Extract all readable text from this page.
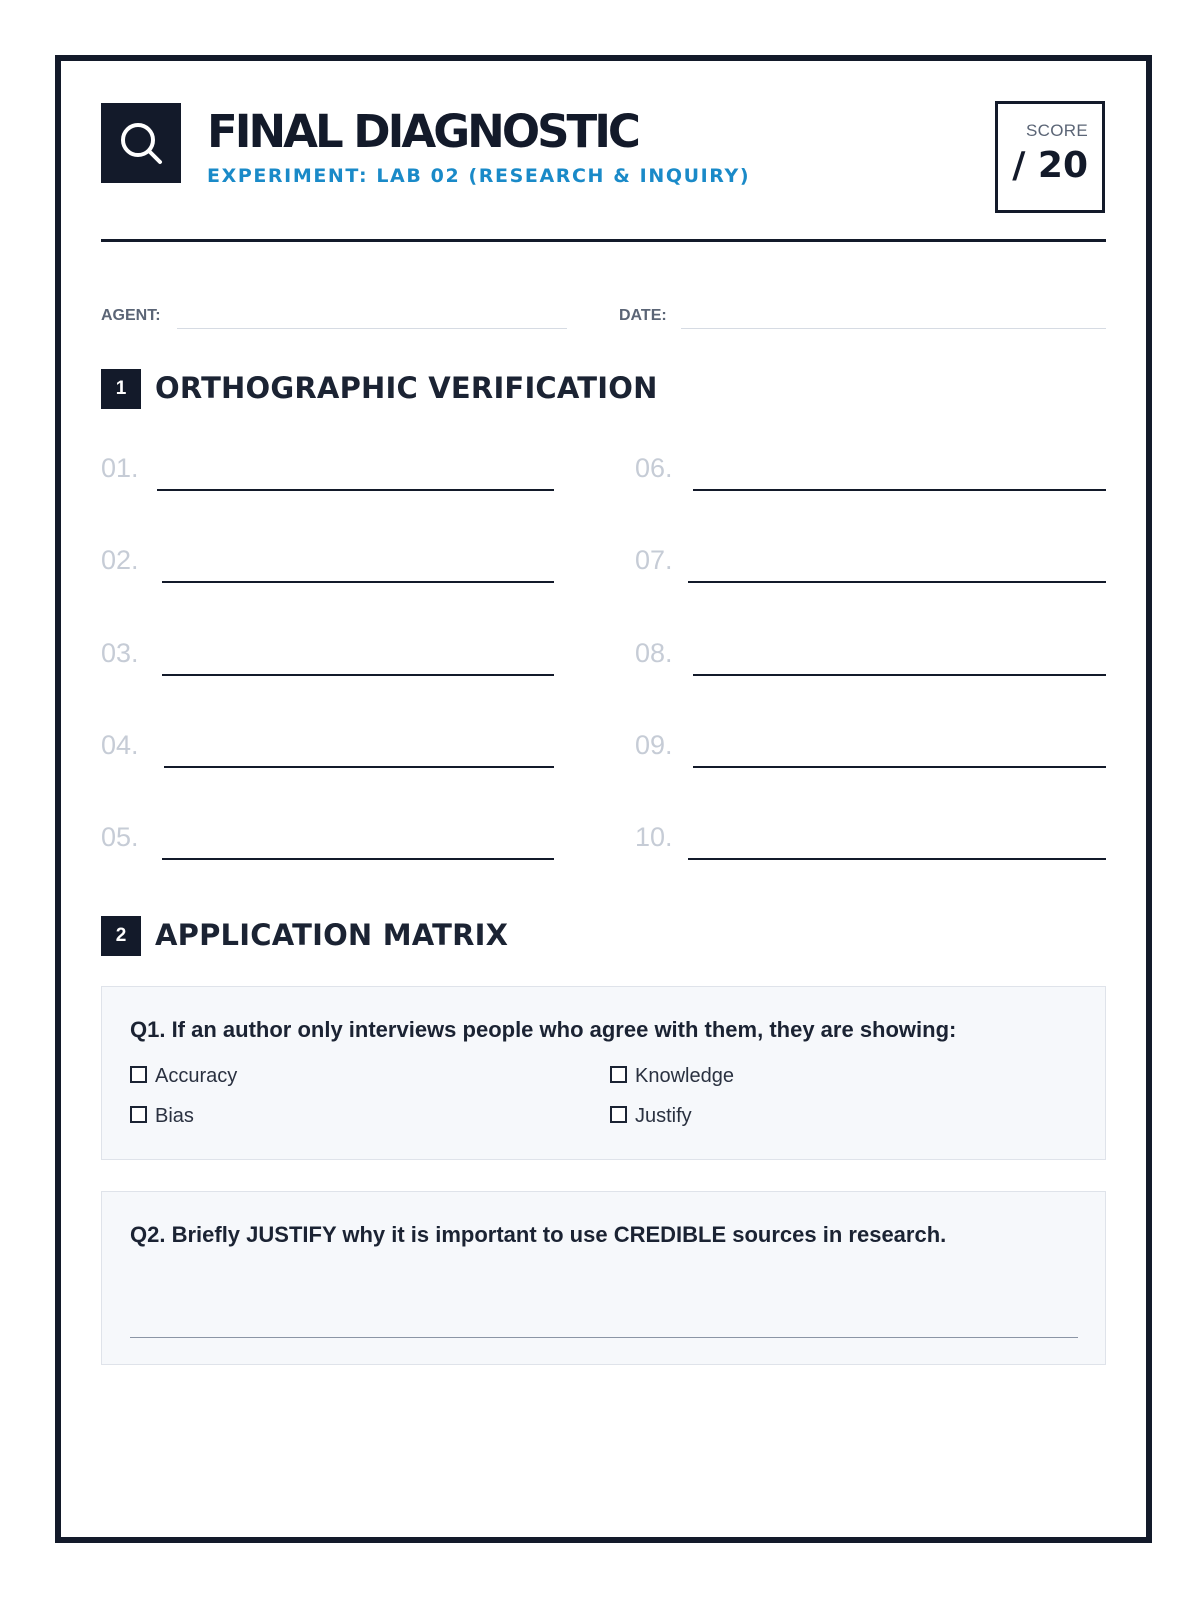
FINAL DIAGNOSTIC
EXPERIMENT: LAB 02 (RESEARCH & INQUIRY)
SCORE
/ 20
AGENT:	DATE:
1 ORTHOGRAPHIC VERIFICATION
01.
02.
03.
04.
05.
06.
07.
08.
09.
10.
2 APPLICATION MATRIX
Q1. If an author only interviews people who agree with them, they are showing:
Accuracy	Knowledge
Bias	Justify
Q2. Briefly JUSTIFY why it is important to use CREDIBLE sources in research.
